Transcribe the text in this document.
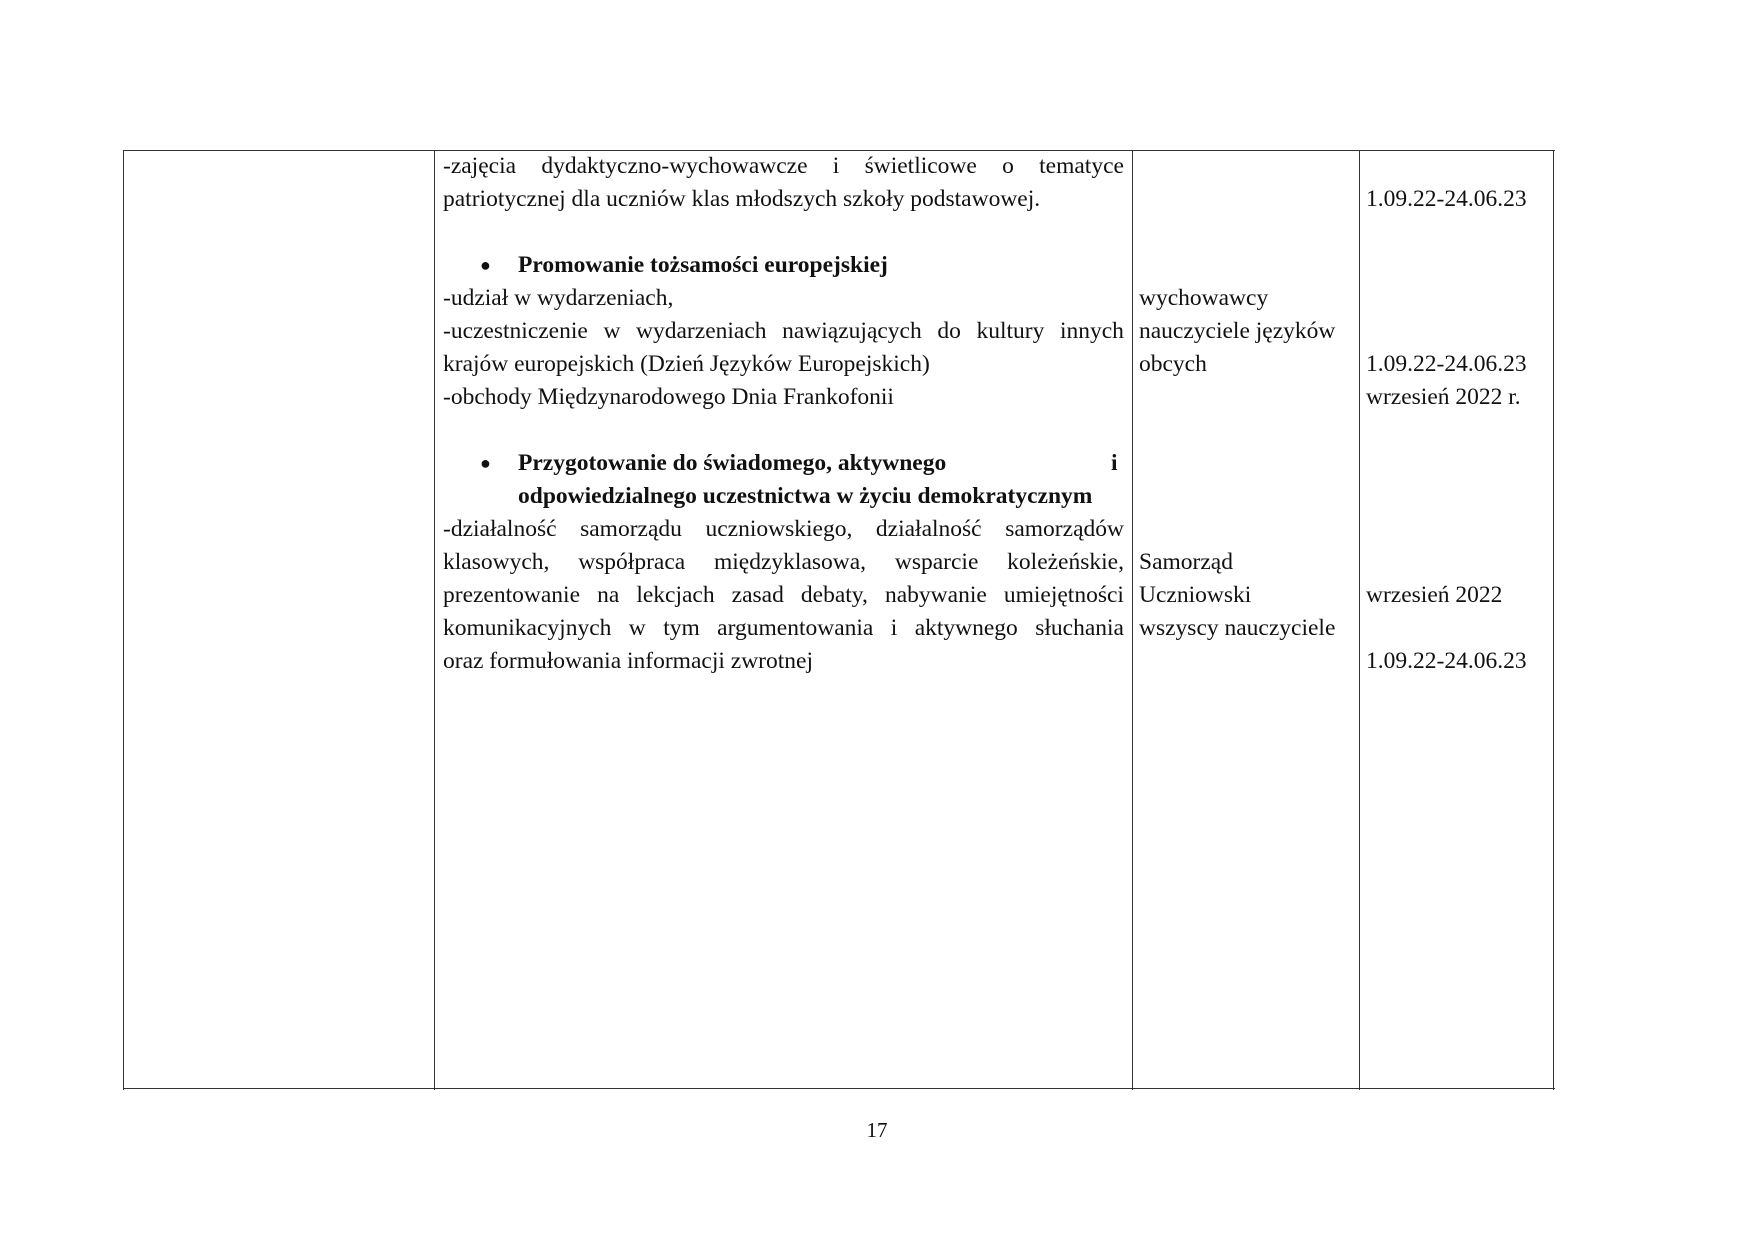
-zajęcia dydaktyczno-wychowawcze i świetlicowe o tematyce
patriotycznej dla uczniów klas młodszych szkoły podstawowej.
● Promowanie tożsamości europejskiej
-udział w wydarzeniach,
-uczestniczenie w wydarzeniach nawiązujących do kultury innych
krajów europejskich (Dzień Języków Europejskich)
-obchody Międzynarodowego Dnia Frankofonii
● Przygotowanie do świadomego, aktywnego	i
odpowiedzialnego uczestnictwa w życiu demokratycznym
-działalność samorządu uczniowskiego, działalność samorządów
klasowych, współpraca międzyklasowa, wsparcie koleżeńskie,
prezentowanie na lekcjach zasad debaty, nabywanie umiejętności
komunikacyjnych w tym argumentowania i aktywnego słuchania
oraz formułowania informacji zwrotnej
wychowawcy
nauczyciele języków
obcych
Samorząd
Uczniowski
wszyscy nauczyciele
1.09.22-24.06.23
1.09.22-24.06.23
wrzesień 2022 r.
wrzesień 2022
1.09.22-24.06.23
17
